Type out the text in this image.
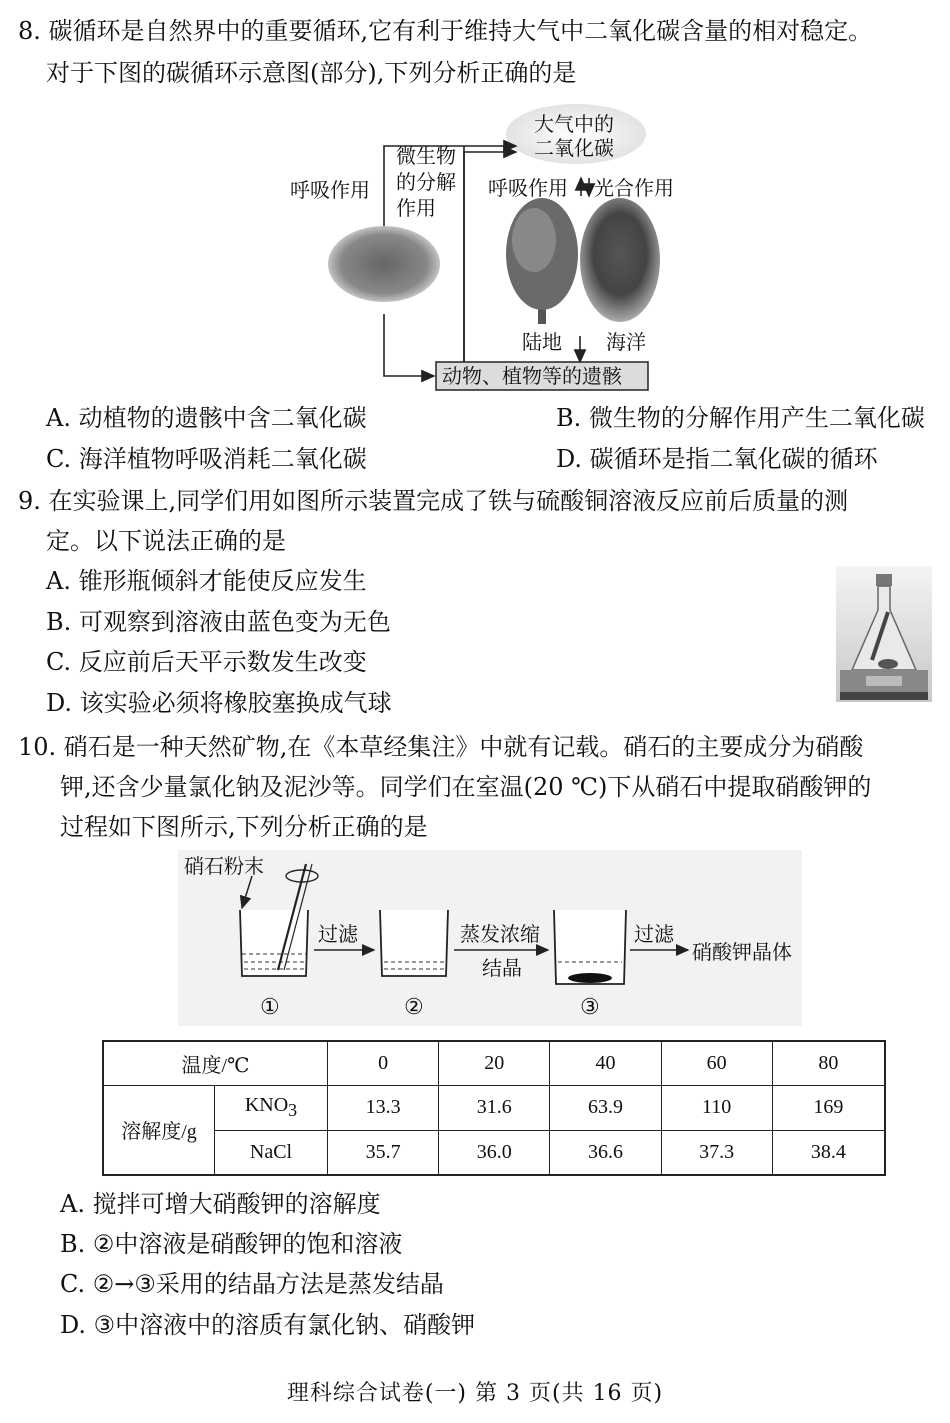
8. 碳循环是自然界中的重要循环,它有利于维持大气中二氧化碳含量的相对稳定。
对于下图的碳循环示意图(部分),下列分析正确的是
大气中的
二氧化碳
呼吸作用
微生物
的分解
作用
呼吸作用 光合作用
陆地 海洋
动物、植物等的遗骸
A. 动植物的遗骸中含二氧化碳	B. 微生物的分解作用产生二氧化碳
C. 海洋植物呼吸消耗二氧化碳	D. 碳循环是指二氧化碳的循环
9. 在实验课上,同学们用如图所示装置完成了铁与硫酸铜溶液反应前后质量的测
定。以下说法正确的是
A. 锥形瓶倾斜才能使反应发生
B. 可观察到溶液由蓝色变为无色
C. 反应前后天平示数发生改变
D. 该实验必须将橡胶塞换成气球
10. 硝石是一种天然矿物,在《本草经集注》中就有记载。硝石的主要成分为硝酸
钾,还含少量氯化钠及泥沙等。同学们在室温(20 ℃)下从硝石中提取硝酸钾的
过程如下图所示,下列分析正确的是
硝石粉末
过滤	蒸发浓缩
结晶
过滤
硝酸钾晶体
①	②	③
温度/℃		0	20	40	60	80
溶解度/g	$KNO_3$	13.3	31.6	63.9	110	169
	NaCl	35.7	36.0	36.6	37.3	38.4
A. 搅拌可增大硝酸钾的溶解度
B. ②中溶液是硝酸钾的饱和溶液
C. ②→③采用的结晶方法是蒸发结晶
D. ③中溶液中的溶质有氯化钠、硝酸钾
理科综合试卷(一) 第 3 页(共 16 页)
